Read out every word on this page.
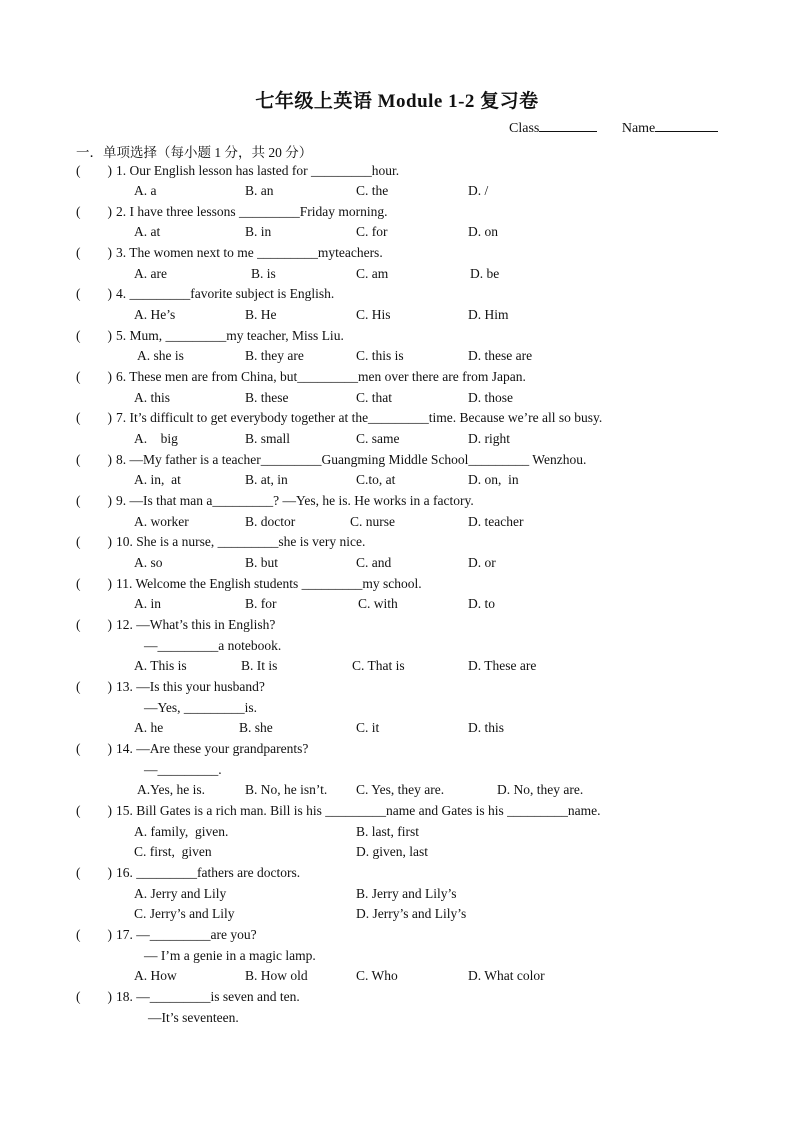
七年级上英语 Module 1-2 复习卷
Class	Name
一．单项选择（每小题 1 分，共 20 分）
(        ) 1. Our English lesson has lasted for _________hour.
A. a	B. an	C. the	D. /
(        ) 2. I have three lessons _________Friday morning.
A. at	B. in	C. for	D. on
(        ) 3. The women next to me _________myteachers.
A. are	B. is	C. am	D. be
(        ) 4. _________favorite subject is English.
A. He’s	B. He	C. His	D. Him
(        ) 5. Mum, _________my teacher, Miss Liu.
A. she is	B. they are	C. this is	D. these are
(        ) 6. These men are from China, but_________men over there are from Japan.
A. this	B. these	C. that	D. those
(        ) 7. It’s difficult to get everybody together at the_________time. Because we’re all so busy.
A.    big	B. small	C. same	D. right
(        ) 8. —My father is a teacher_________Guangming Middle School_________ Wenzhou.
A. in,  at	B. at, in	C.to, at	D. on,  in
(        ) 9. —Is that man a_________? —Yes, he is. He works in a factory.
A. worker	B. doctor	C. nurse	D. teacher
(        ) 10. She is a nurse, _________she is very nice.
A. so	B. but	C. and	D. or
(        ) 11. Welcome the English students _________my school.
A. in	B. for	C. with	D. to
(        ) 12. —What’s this in English?
—_________a notebook.
A. This is	B. It is	C. That is	D. These are
(        ) 13. —Is this your husband?
—Yes, _________is.
A. he	B. she	C. it	D. this
(        ) 14. —Are these your grandparents?
—_________.
A.Yes, he is.	B. No, he isn’t. C. Yes, they are.	D. No, they are.
(        ) 15. Bill Gates is a rich man. Bill is his _________name and Gates is his _________name.
A. family,  given.	B. last, first
C. first,  given	D. given, last
(        ) 16. _________fathers are doctors.
A. Jerry and Lily	B. Jerry and Lily’s
C. Jerry’s and Lily	D. Jerry’s and Lily’s
(        ) 17. —_________are you?
— I’m a genie in a magic lamp.
A. How	B. How old	C. Who	D. What color
(        ) 18. —_________is seven and ten.
—It’s seventeen.
